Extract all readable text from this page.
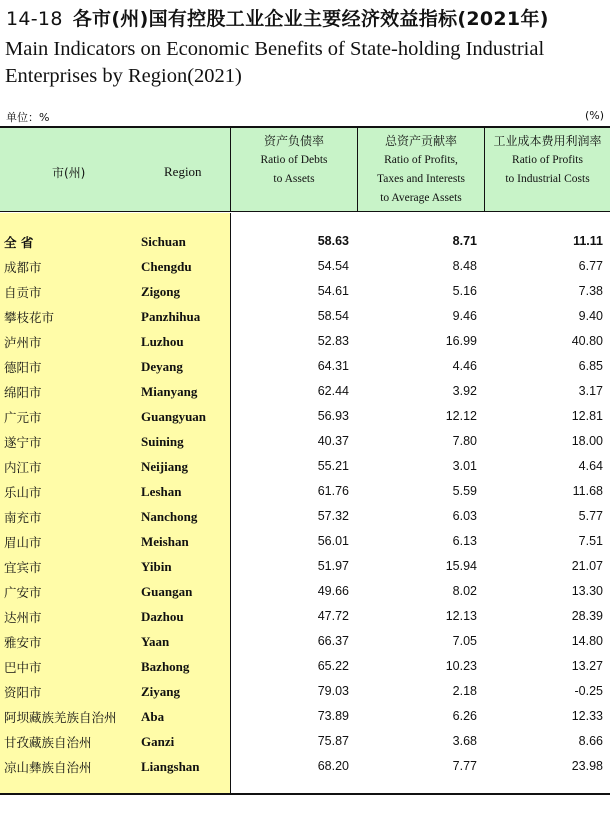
14-18 各市(州)国有控股工业企业主要经济效益指标(2021年)
Main Indicators on Economic Benefits of State-holding Industrial Enterprises by Region(2021)
单位：%	(%)
市(州)	Region
资产负债率
Ratio of Debts
to Assets
总资产贡献率
Ratio of Profits,
Taxes and Interests
to Average Assets
工业成本费用利润率
Ratio of Profits
to Industrial Costs
全 省	Sichuan	58.63	8.71	11.11
成都市	Chengdu	54.54	8.48	6.77
自贡市	Zigong	54.61	5.16	7.38
攀枝花市	Panzhihua	58.54	9.46	9.40
泸州市	Luzhou	52.83	16.99	40.80
德阳市	Deyang	64.31	4.46	6.85
绵阳市	Mianyang	62.44	3.92	3.17
广元市	Guangyuan	56.93	12.12	12.81
遂宁市	Suining	40.37	7.80	18.00
内江市	Neijiang	55.21	3.01	4.64
乐山市	Leshan	61.76	5.59	11.68
南充市	Nanchong	57.32	6.03	5.77
眉山市	Meishan	56.01	6.13	7.51
宜宾市	Yibin	51.97	15.94	21.07
广安市	Guangan	49.66	8.02	13.30
达州市	Dazhou	47.72	12.13	28.39
雅安市	Yaan	66.37	7.05	14.80
巴中市	Bazhong	65.22	10.23	13.27
资阳市	Ziyang	79.03	2.18	-0.25
阿坝藏族羌族自治州 Aba	73.89	6.26	12.33
甘孜藏族自治州	Ganzi	75.87	3.68	8.66
凉山彝族自治州	Liangshan	68.20	7.77	23.98
